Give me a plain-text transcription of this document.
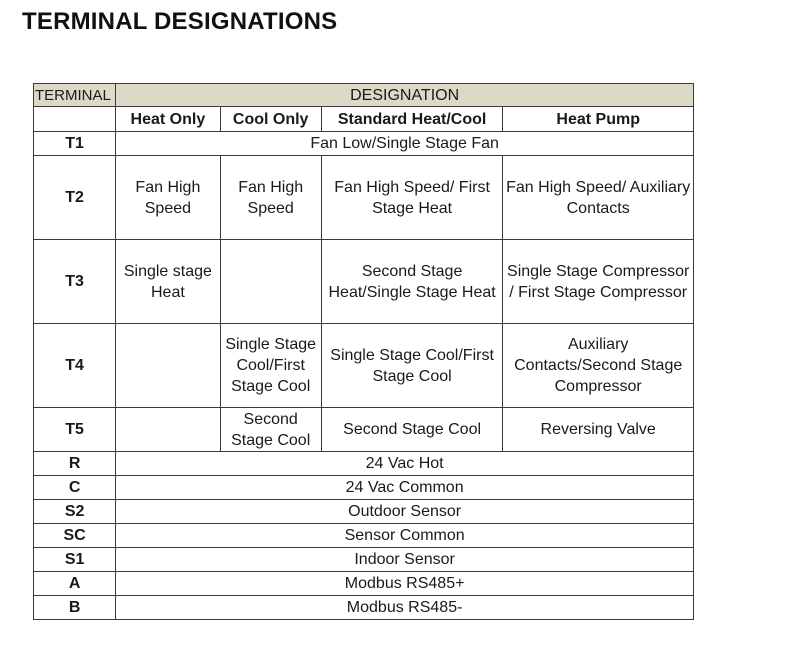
TERMINAL DESIGNATIONS
TERMINAL	DESIGNATION			
	Heat Only	Cool Only	Standard Heat/Cool	Heat Pump
T1	Fan Low/Single Stage Fan			
T2	Fan High Speed	Fan High Speed	Fan High Speed/ First Stage Heat	Fan High Speed/ Auxiliary Contacts
T3	Single stage Heat		Second Stage Heat/Single Stage Heat	Single Stage Compressor / First Stage Compressor
T4		Single Stage Cool/First Stage Cool	Single Stage Cool/First Stage Cool	Auxiliary Contacts/Second Stage Compressor
T5		Second Stage Cool	Second Stage Cool	Reversing Valve
R	24 Vac Hot			
C	24 Vac Common			
S2	Outdoor Sensor			
SC	Sensor Common			
S1	Indoor Sensor			
A	Modbus RS485+			
B	Modbus RS485-			
